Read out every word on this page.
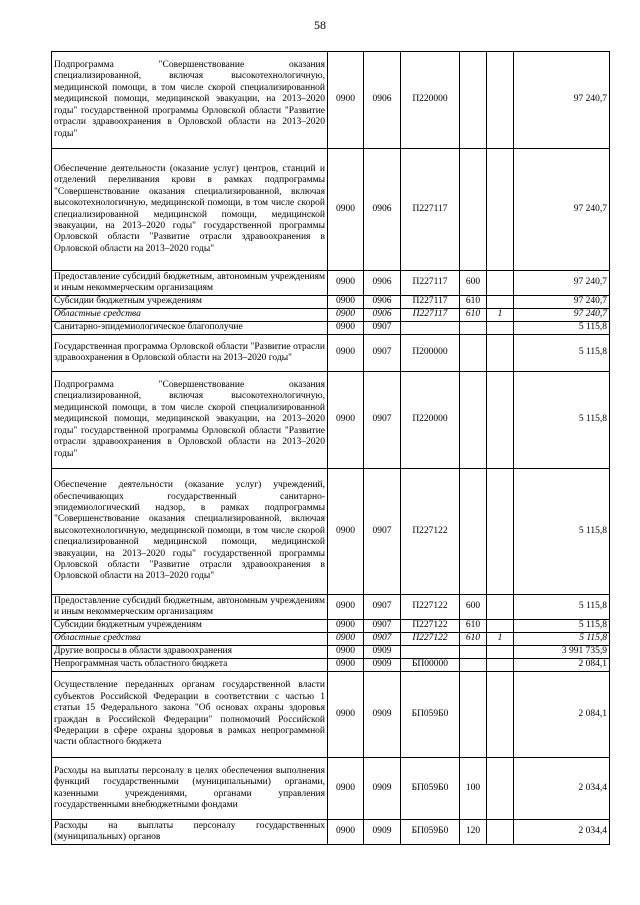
58
Подпрограмма "Совершенствование оказания специализированной, включая высокотехнологичную, медицинской помощи, в том числе скорой специализированной медицинской помощи, медицинской эвакуации, на 2013–2020 годы" государственной программы Орловской области "Развитие отрасли здравоохранения в Орловской области на 2013–2020 годы"	0900	0906	П220000			97 240,7
Обеспечение деятельности (оказание услуг) центров, станций и отделений переливания крови в рамках подпрограммы "Совершенствование оказания специализированной, включая высокотехнологичную, медицинской помощи, в том числе скорой специализированной медицинской помощи, медицинской эвакуации, на 2013–2020 годы" государственной программы Орловской области "Развитие отрасли здравоохранения в Орловской области на 2013–2020 годы"	0900	0906	П227117			97 240,7
Предоставление субсидий бюджетным, автономным учреждениям и иным некоммерческим организациям	0900	0906	П227117	600		97 240,7
Субсидии бюджетным учреждениям	0900	0906	П227117	610		97 240,7
Областные средства	0900	0906	П227117	610	1	97 240,7
Санитарно-эпидемиологическое благополучие	0900	0907				5 115,8
Государственная программа Орловской области "Развитие отрасли здравоохранения в Орловской области на 2013–2020 годы"	0900	0907	П200000			5 115,8
Подпрограмма "Совершенствование оказания специализированной, включая высокотехнологичную, медицинской помощи, в том числе скорой специализированной медицинской помощи, медицинской эвакуации, на 2013–2020 годы" государственной программы Орловской области "Развитие отрасли здравоохранения в Орловской области на 2013–2020 годы"	0900	0907	П220000			5 115,8
Обеспечение деятельности (оказание услуг) учреждений, обеспечивающих государственный санитарно-эпидемиологический надзор, в рамках подпрограммы "Совершенствование оказания специализированной, включая высокотехнологичную, медицинской помощи, в том числе скорой специализированной медицинской помощи, медицинской эвакуации, на 2013–2020 годы" государственной программы Орловской области "Развитие отрасли здравоохранения в Орловской области на 2013–2020 годы"	0900	0907	П227122			5 115,8
Предоставление субсидий бюджетным, автономным учреждениям и иным некоммерческим организациям	0900	0907	П227122	600		5 115,8
Субсидии бюджетным учреждениям	0900	0907	П227122	610		5 115,8
Областные средства	0900	0907	П227122	610	1	5 115,8
Другие вопросы в области здравоохранения	0900	0909				3 991 735,9
Непрограммная часть областного бюджета	0900	0909	БП00000			2 084,1
Осуществление переданных органам государственной власти субъектов Российской Федерации в соответствии с частью 1 статьи 15 Федерального закона "Об основах охраны здоровья граждан в Российской Федерации" полномочий Российской Федерации в сфере охраны здоровья в рамках непрограммной части областного бюджета	0900	0909	БП059Б0			2 084,1
Расходы на выплаты персоналу в целях обеспечения выполнения функций государственными (муниципальными) органами, казенными учреждениями, органами управления государственными внебюджетными фондами	0900	0909	БП059Б0	100		2 034,4
Расходы на выплаты персоналу государственных (муниципальных) органов	0900	0909	БП059Б0	120		2 034,4
